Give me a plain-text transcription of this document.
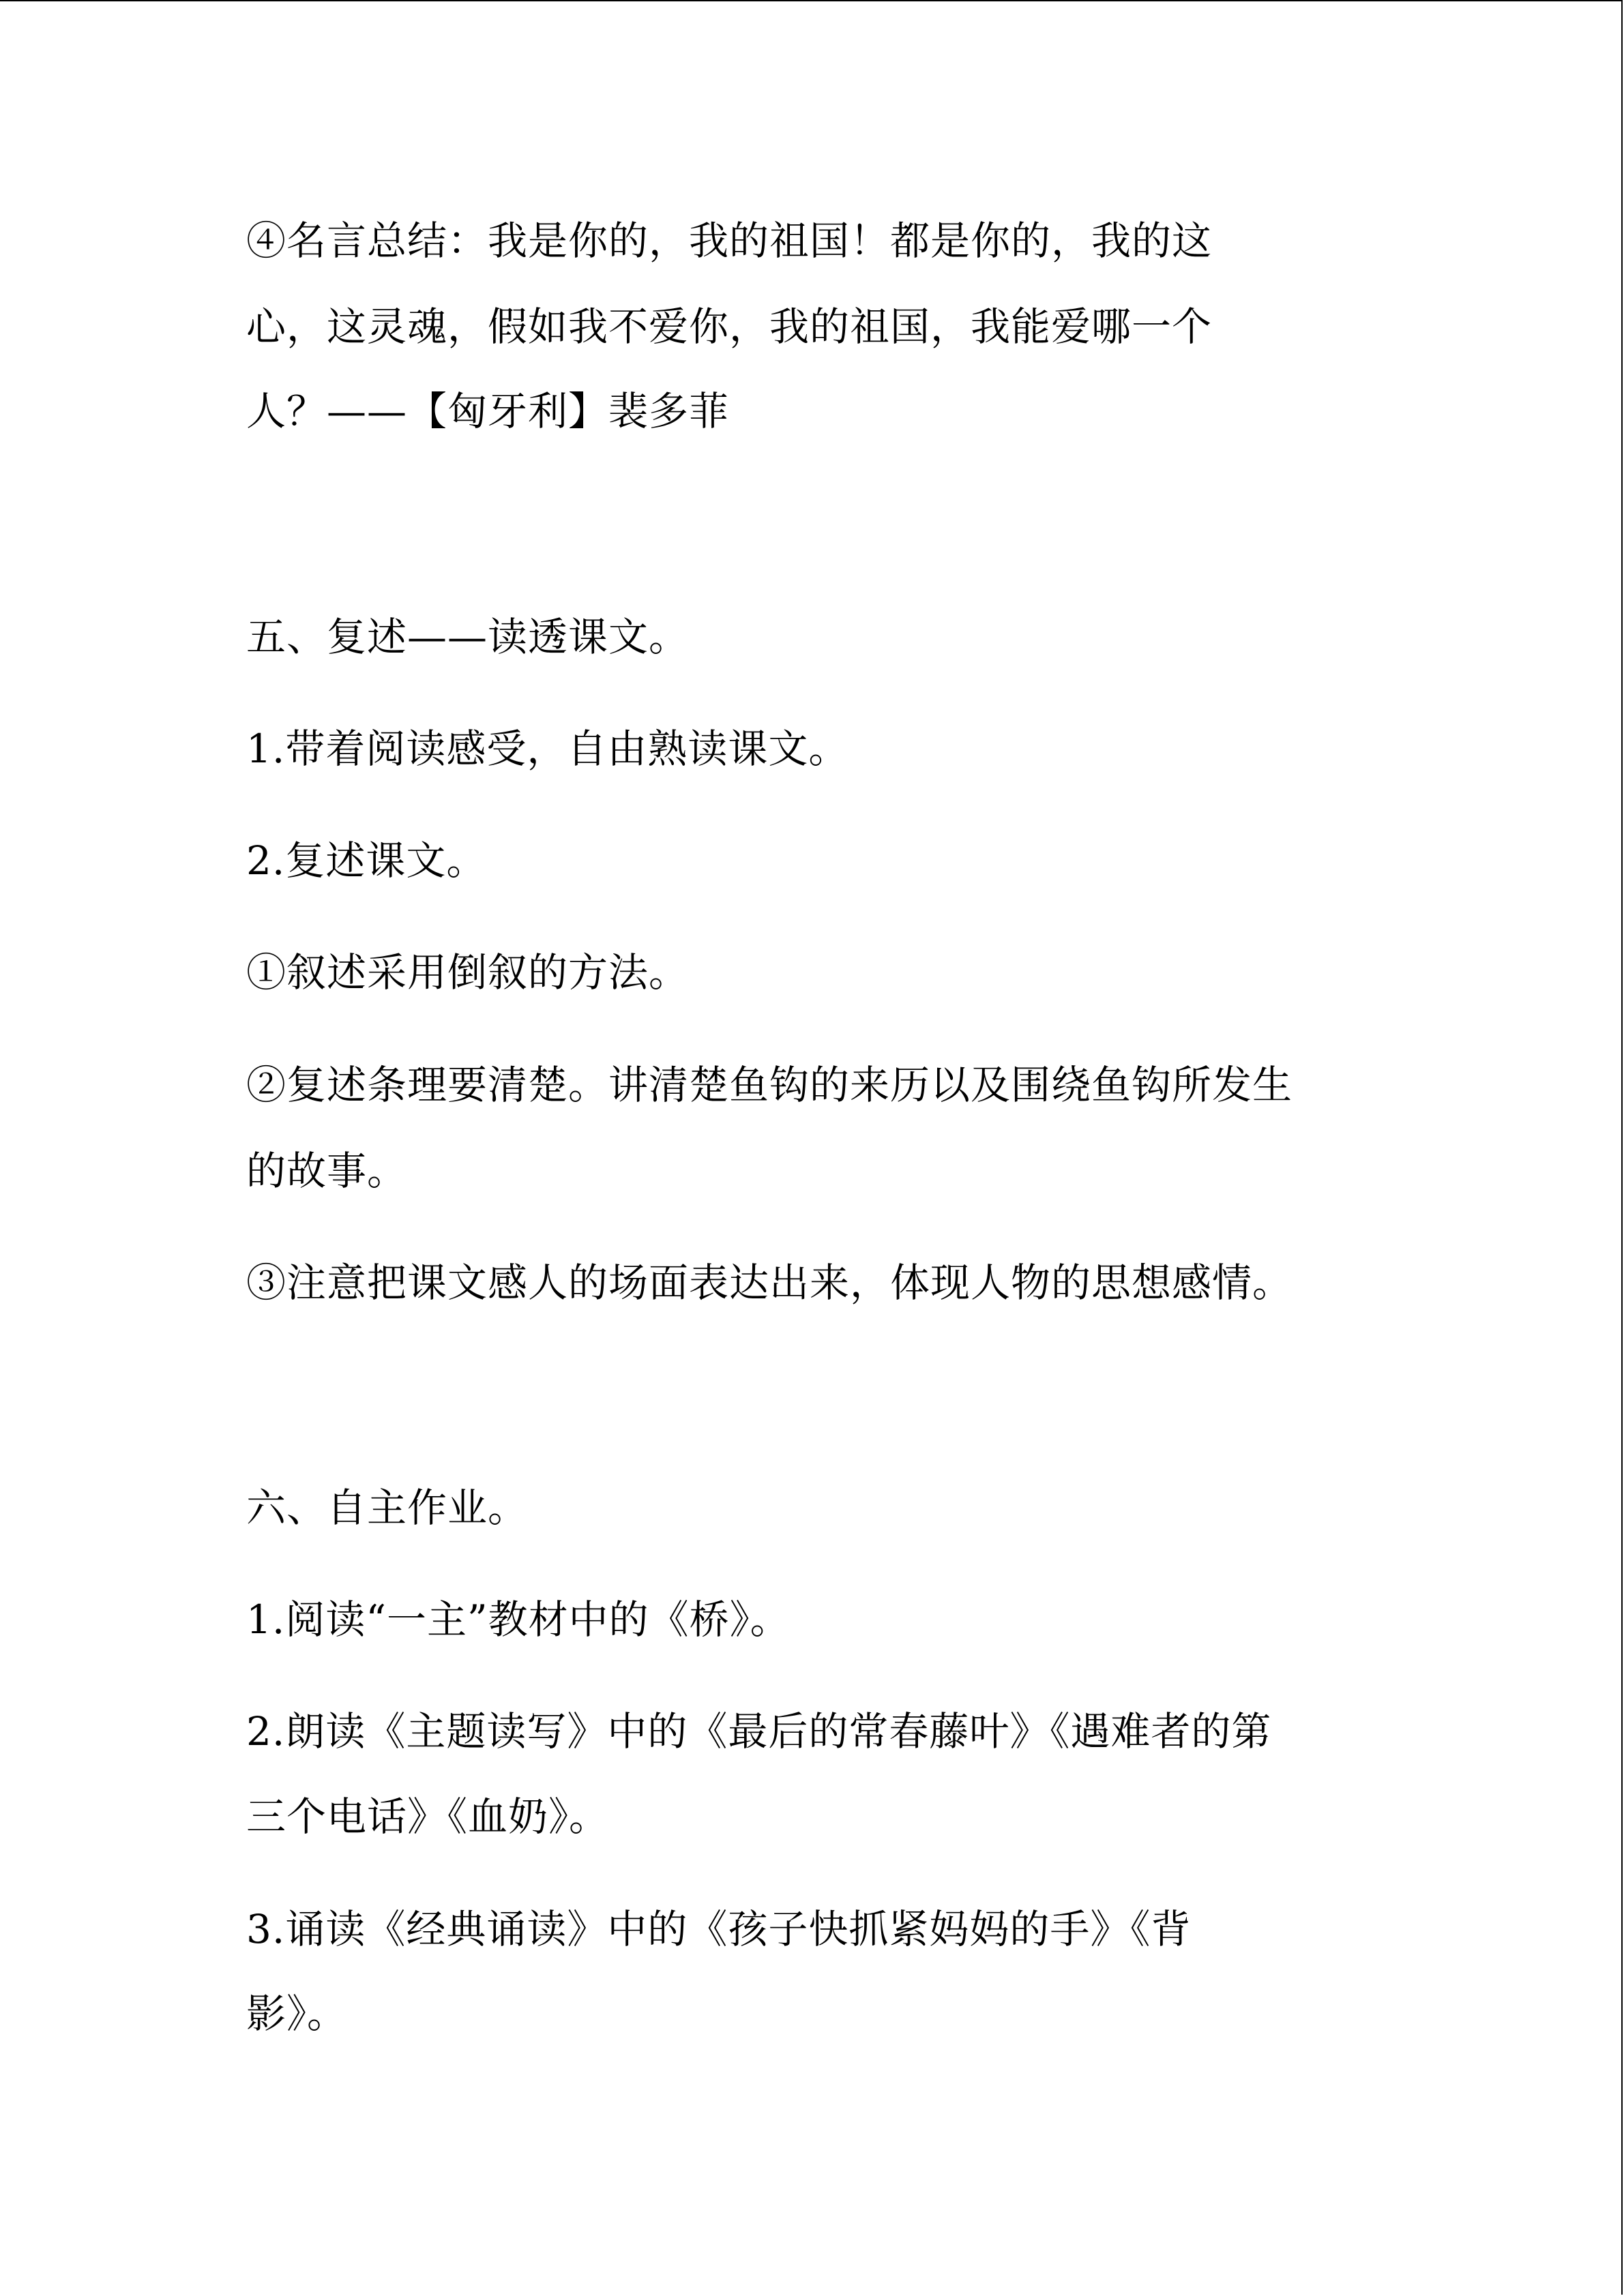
④名言总结：我是你的，我的祖国！都是你的，我的这
心，这灵魂，假如我不爱你，我的祖国，我能爱哪一个
人？——【匈牙利】裴多菲
五、复述——读透课文。
1.带着阅读感受，自由熟读课文。
2.复述课文。
①叙述采用倒叙的方法。
②复述条理要清楚。讲清楚鱼钩的来历以及围绕鱼钩所发生
的故事。
③注意把课文感人的场面表达出来，体现人物的思想感情。
六、自主作业。
1.阅读“一主”教材中的《桥》。
2.朗读《主题读写》中的《最后的常春藤叶》《遇难者的第
三个电话》《血奶》。
3.诵读《经典诵读》中的《孩子快抓紧妈妈的手》《背
影》。
